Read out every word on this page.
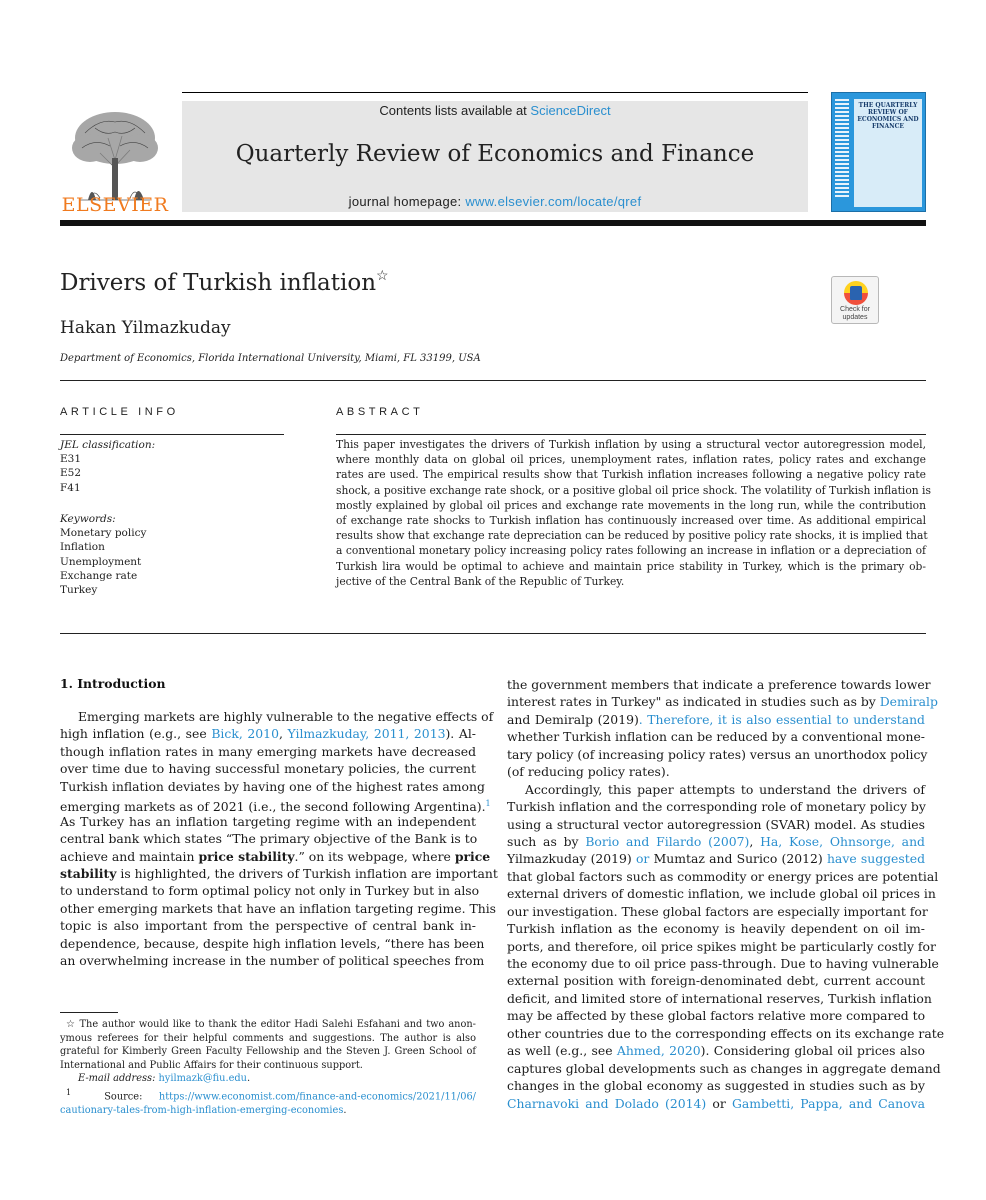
ELSEVIER
Contents lists available at ScienceDirect
Quarterly Review of Economics and Finance
journal homepage: www.elsevier.com/locate/qref
THE QUARTERLY REVIEW OF ECONOMICS AND FINANCE
Drivers of Turkish inflation☆
Hakan Yilmazkuday
Department of Economics, Florida International University, Miami, FL 33199, USA
Check for updates
ARTICLE INFO
JEL classification:
E31
E52
F41
Keywords:
Monetary policy
Inflation
Unemployment
Exchange rate
Turkey
ABSTRACT
This paper investigates the drivers of Turkish inflation by using a structural vector autoregression model,
where monthly data on global oil prices, unemployment rates, inflation rates, policy rates and exchange
rates are used. The empirical results show that Turkish inflation increases following a negative policy rate
shock, a positive exchange rate shock, or a positive global oil price shock. The volatility of Turkish inflation is
mostly explained by global oil prices and exchange rate movements in the long run, while the contribution
of exchange rate shocks to Turkish inflation has continuously increased over time. As additional empirical
results show that exchange rate depreciation can be reduced by positive policy rate shocks, it is implied that
a conventional monetary policy increasing policy rates following an increase in inflation or a depreciation of
Turkish lira would be optimal to achieve and maintain price stability in Turkey, which is the primary ob-
jective of the Central Bank of the Republic of Turkey.
1. Introduction
Emerging markets are highly vulnerable to the negative effects of
high inflation (e.g., see Bick, 2010, Yilmazkuday, 2011, 2013). Al-
though inflation rates in many emerging markets have decreased
over time due to having successful monetary policies, the current
Turkish inflation deviates by having one of the highest rates among
emerging markets as of 2021 (i.e., the second following Argentina).$^1$
As Turkey has an inflation targeting regime with an independent
central bank which states “The primary objective of the Bank is to
achieve and maintain price stability.” on its webpage, where price
stability is highlighted, the drivers of Turkish inflation are important
to understand to form optimal policy not only in Turkey but in also
other emerging markets that have an inflation targeting regime. This
topic is also important from the perspective of central bank in-
dependence, because, despite high inflation levels, “there has been
an overwhelming increase in the number of political speeches from
the government members that indicate a preference towards lower
interest rates in Turkey" as indicated in studies such as by Demiralp
and Demiralp (2019). Therefore, it is also essential to understand
whether Turkish inflation can be reduced by a conventional mone-
tary policy (of increasing policy rates) versus an unorthodox policy
(of reducing policy rates).
Accordingly, this paper attempts to understand the drivers of
Turkish inflation and the corresponding role of monetary policy by
using a structural vector autoregression (SVAR) model. As studies
such as by Borio and Filardo (2007), Ha, Kose, Ohnsorge, and
Yilmazkuday (2019) or Mumtaz and Surico (2012) have suggested
that global factors such as commodity or energy prices are potential
external drivers of domestic inflation, we include global oil prices in
our investigation. These global factors are especially important for
Turkish inflation as the economy is heavily dependent on oil im-
ports, and therefore, oil price spikes might be particularly costly for
the economy due to oil price pass-through. Due to having vulnerable
external position with foreign-denominated debt, current account
deficit, and limited store of international reserves, Turkish inflation
may be affected by these global factors relative more compared to
other countries due to the corresponding effects on its exchange rate
as well (e.g., see Ahmed, 2020). Considering global oil prices also
captures global developments such as changes in aggregate demand
changes in the global economy as suggested in studies such as by
Charnavoki and Dolado (2014) or Gambetti, Pappa, and Canova
☆ The author would like to thank the editor Hadi Salehi Esfahani and two anon-
ymous referees for their helpful comments and suggestions. The author is also
grateful for Kimberly Green Faculty Fellowship and the Steven J. Green School of
International and Public Affairs for their continuous support.
E-mail address: hyilmazk@fiu.edu.
$^1$	Source: https://www.economist.com/finance-and-economics/2021/11/06/
cautionary-tales-from-high-inflation-emerging-economies.
